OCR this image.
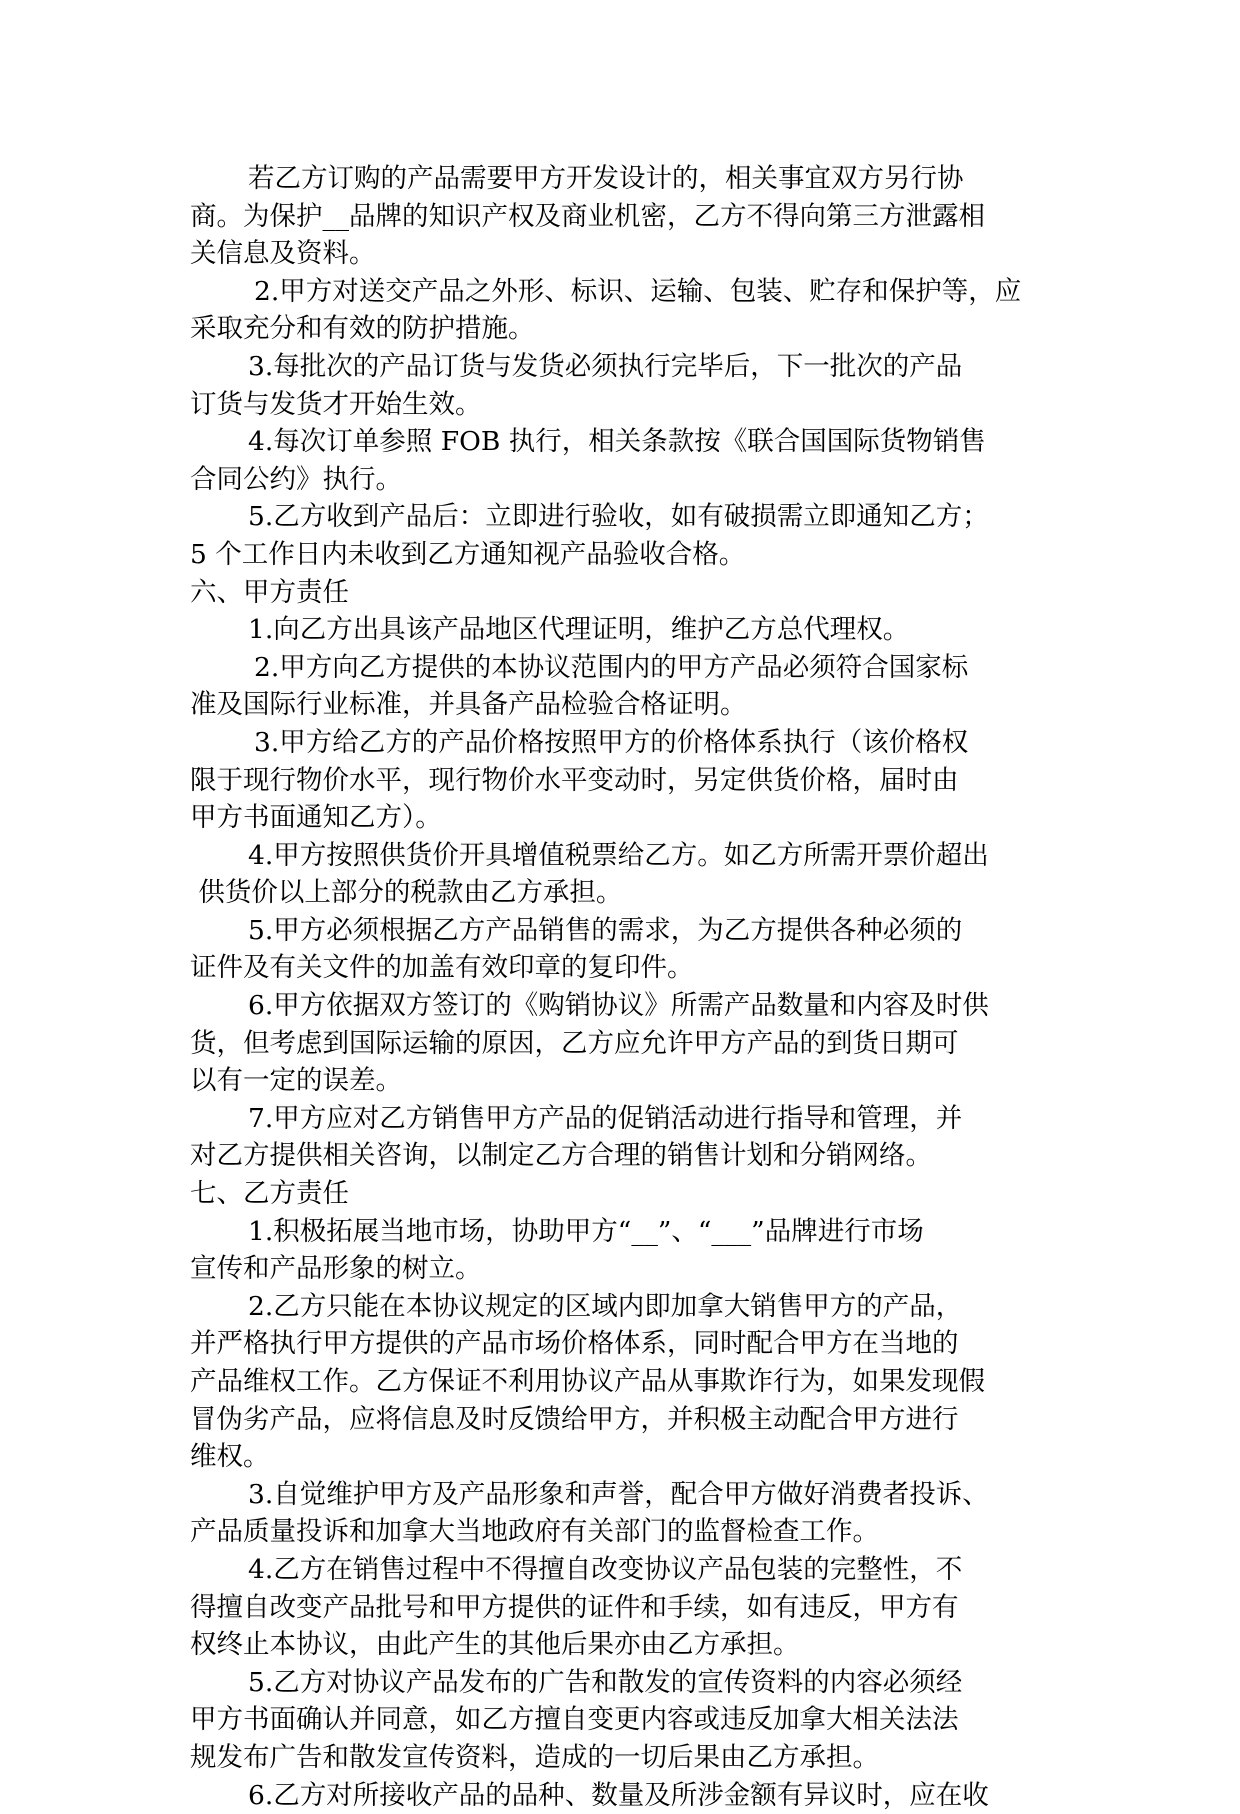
若乙方订购的产品需要甲方开发设计的，相关事宜双方另行协
商。为保护__品牌的知识产权及商业机密，乙方不得向第三方泄露相
关信息及资料。
2.甲方对送交产品之外形、标识、运输、包装、贮存和保护等，应
采取充分和有效的防护措施。
3.每批次的产品订货与发货必须执行完毕后，下一批次的产品
订货与发货才开始生效。
4.每次订单参照 FOB 执行，相关条款按《联合国国际货物销售
合同公约》执行。
5.乙方收到产品后：立即进行验收，如有破损需立即通知乙方；
5 个工作日内未收到乙方通知视产品验收合格。
六、甲方责任
1.向乙方出具该产品地区代理证明，维护乙方总代理权。
2.甲方向乙方提供的本协议范围内的甲方产品必须符合国家标
准及国际行业标准，并具备产品检验合格证明。
3.甲方给乙方的产品价格按照甲方的价格体系执行（该价格权
限于现行物价水平，现行物价水平变动时，另定供货价格，届时由
甲方书面通知乙方）。
4.甲方按照供货价开具增值税票给乙方。如乙方所需开票价超出
供货价以上部分的税款由乙方承担。
5.甲方必须根据乙方产品销售的需求，为乙方提供各种必须的
证件及有关文件的加盖有效印章的复印件。
6.甲方依据双方签订的《购销协议》所需产品数量和内容及时供
货，但考虑到国际运输的原因，乙方应允许甲方产品的到货日期可
以有一定的误差。
7.甲方应对乙方销售甲方产品的促销活动进行指导和管理，并
对乙方提供相关咨询，以制定乙方合理的销售计划和分销网络。
七、乙方责任
1.积极拓展当地市场，协助甲方“__”、“___”品牌进行市场
宣传和产品形象的树立。
2.乙方只能在本协议规定的区域内即加拿大销售甲方的产品，
并严格执行甲方提供的产品市场价格体系，同时配合甲方在当地的
产品维权工作。乙方保证不利用协议产品从事欺诈行为，如果发现假
冒伪劣产品，应将信息及时反馈给甲方，并积极主动配合甲方进行
维权。
3.自觉维护甲方及产品形象和声誉，配合甲方做好消费者投诉、
产品质量投诉和加拿大当地政府有关部门的监督检查工作。
4.乙方在销售过程中不得擅自改变协议产品包装的完整性，不
得擅自改变产品批号和甲方提供的证件和手续，如有违反，甲方有
权终止本协议，由此产生的其他后果亦由乙方承担。
5.乙方对协议产品发布的广告和散发的宣传资料的内容必须经
甲方书面确认并同意，如乙方擅自变更内容或违反加拿大相关法法
规发布广告和散发宣传资料，造成的一切后果由乙方承担。
6.乙方对所接收产品的品种、数量及所涉金额有异议时，应在收
